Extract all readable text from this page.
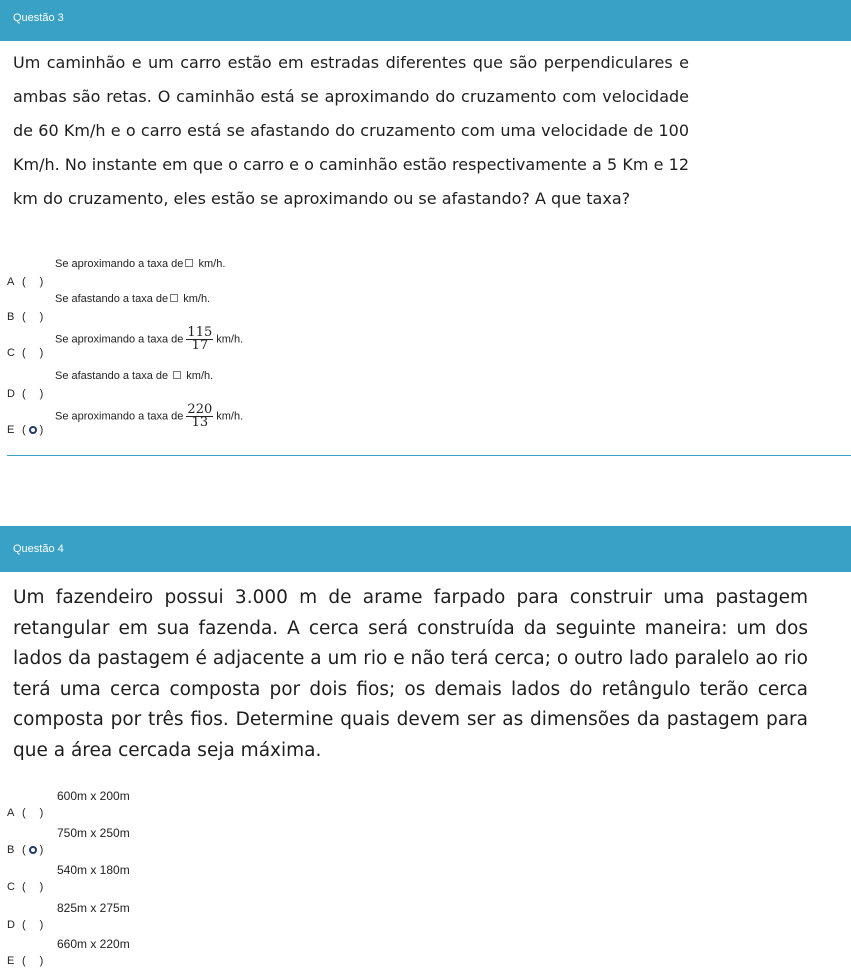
Questão 3
Um caminhão e um carro estão em estradas diferentes que são perpendiculares e ambas são retas. O caminhão está se aproximando do cruzamento com velocidade de 60 Km/h e o carro está se afastando do cruzamento com uma velocidade de 100 Km/h. No instante em que o carro e o caminhão estão respectivamente a 5 Km e 12 km do cruzamento, eles estão se aproximando ou se afastando? A que taxa?
A ( )
Se aproximando a taxa de km/h.
B ( )
Se afastando a taxa de km/h.
C ( )
Se aproximando a taxa de $\frac{115}{17} km/h$.
D ( )
Se afastando a taxa de km/h.
E ( )
Se aproximando a taxa de $\frac{220}{13} km/h$.
Questão 4
Um fazendeiro possui 3.000 m de arame farpado para construir uma pastagem retangular em sua fazenda. A cerca será construída da seguinte maneira: um dos lados da pastagem é adjacente a um rio e não terá cerca; o outro lado paralelo ao rio terá uma cerca composta por dois fios; os demais lados do retângulo terão cerca composta por três fios. Determine quais devem ser as dimensões da pastagem para que a área cercada seja máxima.
A ( )
600m x 200m
B ( )
750m x 250m
C ( )
540m x 180m
D ( )
825m x 275m
E ( )
660m x 220m
